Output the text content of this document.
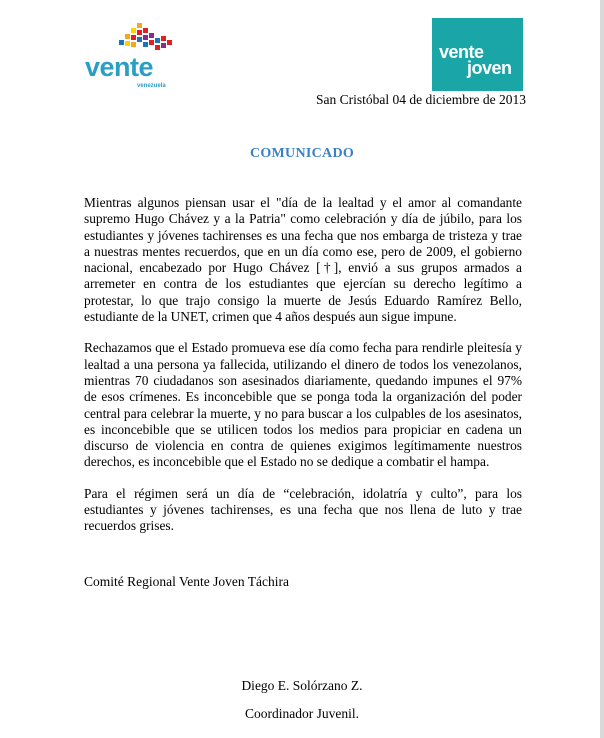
vente
venezuela
vente
joven
San Cristóbal 04 de diciembre de 2013
COMUNICADO

Mientras algunos piensan usar el "día de la lealtad y el amor al comandante supremo Hugo Chávez y a la Patria" como celebración y día de júbilo, para los estudiantes y jóvenes tachirenses es una fecha que nos embarga de tristeza y trae a nuestras mentes recuerdos, que en un día como ese, pero de 2009, el gobierno nacional, encabezado por Hugo Chávez [†], envió a sus grupos armados a arremeter en contra de los estudiantes que ejercían su derecho legítimo a protestar, lo que trajo consigo la muerte de Jesús Eduardo Ramírez Bello, estudiante de la UNET, crimen que 4 años después aun sigue impune.

Rechazamos que el Estado promueva ese día como fecha para rendirle pleitesía y lealtad a una persona ya fallecida, utilizando el dinero de todos los venezolanos, mientras 70 ciudadanos son asesinados diariamente, quedando impunes el 97% de esos crímenes. Es inconcebible que se ponga toda la organización del poder central para celebrar la muerte, y no para buscar a los culpables de los asesinatos, es inconcebible que se utilicen todos los medios para propiciar en cadena un discurso de violencia en contra de quienes exigimos legítimamente nuestros derechos, es inconcebible que el Estado no se dedique a combatir el hampa.

Para el régimen será un día de “celebración, idolatría y culto”, para los estudiantes y jóvenes tachirenses, es una fecha que nos llena de luto y trae recuerdos grises.

Comité Regional Vente Joven Táchira
Diego E. Solórzano Z.
Coordinador Juvenil.
